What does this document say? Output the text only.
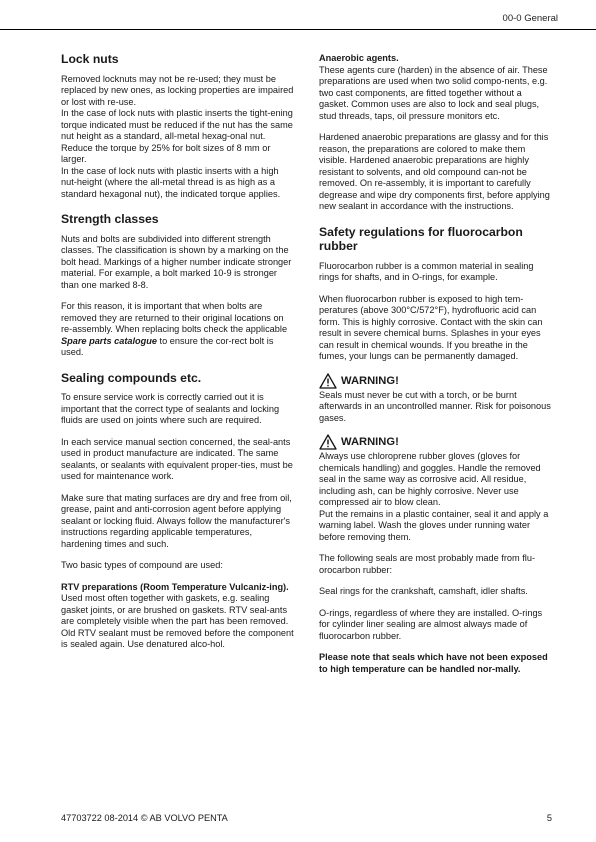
00-0 General
Lock nuts

Removed locknuts may not be re-used; they must be replaced by new ones, as locking properties are impaired or lost with re-use.

In the case of lock nuts with plastic inserts the tight-ening torque indicated must be reduced if the nut has the same nut height as a standard, all-metal hexag-onal nut.

Reduce the torque by 25% for bolt sizes of 8 mm or larger.

In the case of lock nuts with plastic inserts with a high nut-height (where the all-metal thread is as high as a standard hexagonal nut), the indicated torque applies.

Strength classes

Nuts and bolts are subdivided into different strength classes. The classification is shown by a marking on the bolt head. Markings of a higher number indicate stronger material. For example, a bolt marked 10-9 is stronger than one marked 8-8.

For this reason, it is important that when bolts are removed they are returned to their original locations on re-assembly. When replacing bolts check the applicable Spare parts catalogue to ensure the cor-rect bolt is used.

Sealing compounds etc.

To ensure service work is correctly carried out it is important that the correct type of sealants and locking fluids are used on joints where such are required.

In each service manual section concerned, the seal-ants used in product manufacture are indicated. The same sealants, or sealants with equivalent proper-ties, must be used for maintenance work.

Make sure that mating surfaces are dry and free from oil, grease, paint and anti-corrosion agent before applying sealant or locking fluid. Always follow the manufacturer's instructions regarding applicable temperatures, hardening times and such.

Two basic types of compound are used:

RTV preparations (Room Temperature Vulcaniz-ing).

Used most often together with gaskets, e.g. sealing gasket joints, or are brushed on gaskets. RTV seal-ants are completely visible when the part has been removed. Old RTV sealant must be removed before the component is sealed again. Use denatured alco-hol.

Anaerobic agents.

These agents cure (harden) in the absence of air. These preparations are used when two solid compo-nents, e.g. two cast components, are fitted together without a gasket. Common uses are also to lock and seal plugs, stud threads, taps, oil pressure monitors etc.

Hardened anaerobic preparations are glassy and for this reason, the preparations are colored to make them visible. Hardened anaerobic preparations are highly resistant to solvents, and old compound can-not be removed. On re-assembly, it is important to carefully degrease and wipe dry components first, before applying new sealant in accordance with the instructions.

Safety regulations for fluorocarbon rubber

Fluorocarbon rubber is a common material in sealing rings for shafts, and in O-rings, for example.

When fluorocarbon rubber is exposed to high tem-peratures (above 300°C/572°F), hydrofluoric acid can form. This is highly corrosive. Contact with the skin can result in severe chemical burns. Splashes in your eyes can result in chemical wounds. If you breathe in the fumes, your lungs can be permanently damaged.

WARNING!

Seals must never be cut with a torch, or be burnt afterwards in an uncontrolled manner. Risk for poisonous gases.

WARNING!

Always use chloroprene rubber gloves (gloves for chemicals handling) and goggles. Handle the removed seal in the same way as corrosive acid. All residue, including ash, can be highly corrosive. Never use compressed air to blow clean.

Put the remains in a plastic container, seal it and apply a warning label. Wash the gloves under running water before removing them.

The following seals are most probably made from flu-orocarbon rubber:

Seal rings for the crankshaft, camshaft, idler shafts.

O-rings, regardless of where they are installed. O-rings for cylinder liner sealing are almost always made of fluorocarbon rubber.

Please note that seals which have not been exposed to high temperature can be handled nor-mally.

47703722 08-2014 © AB VOLVO PENTA	5
